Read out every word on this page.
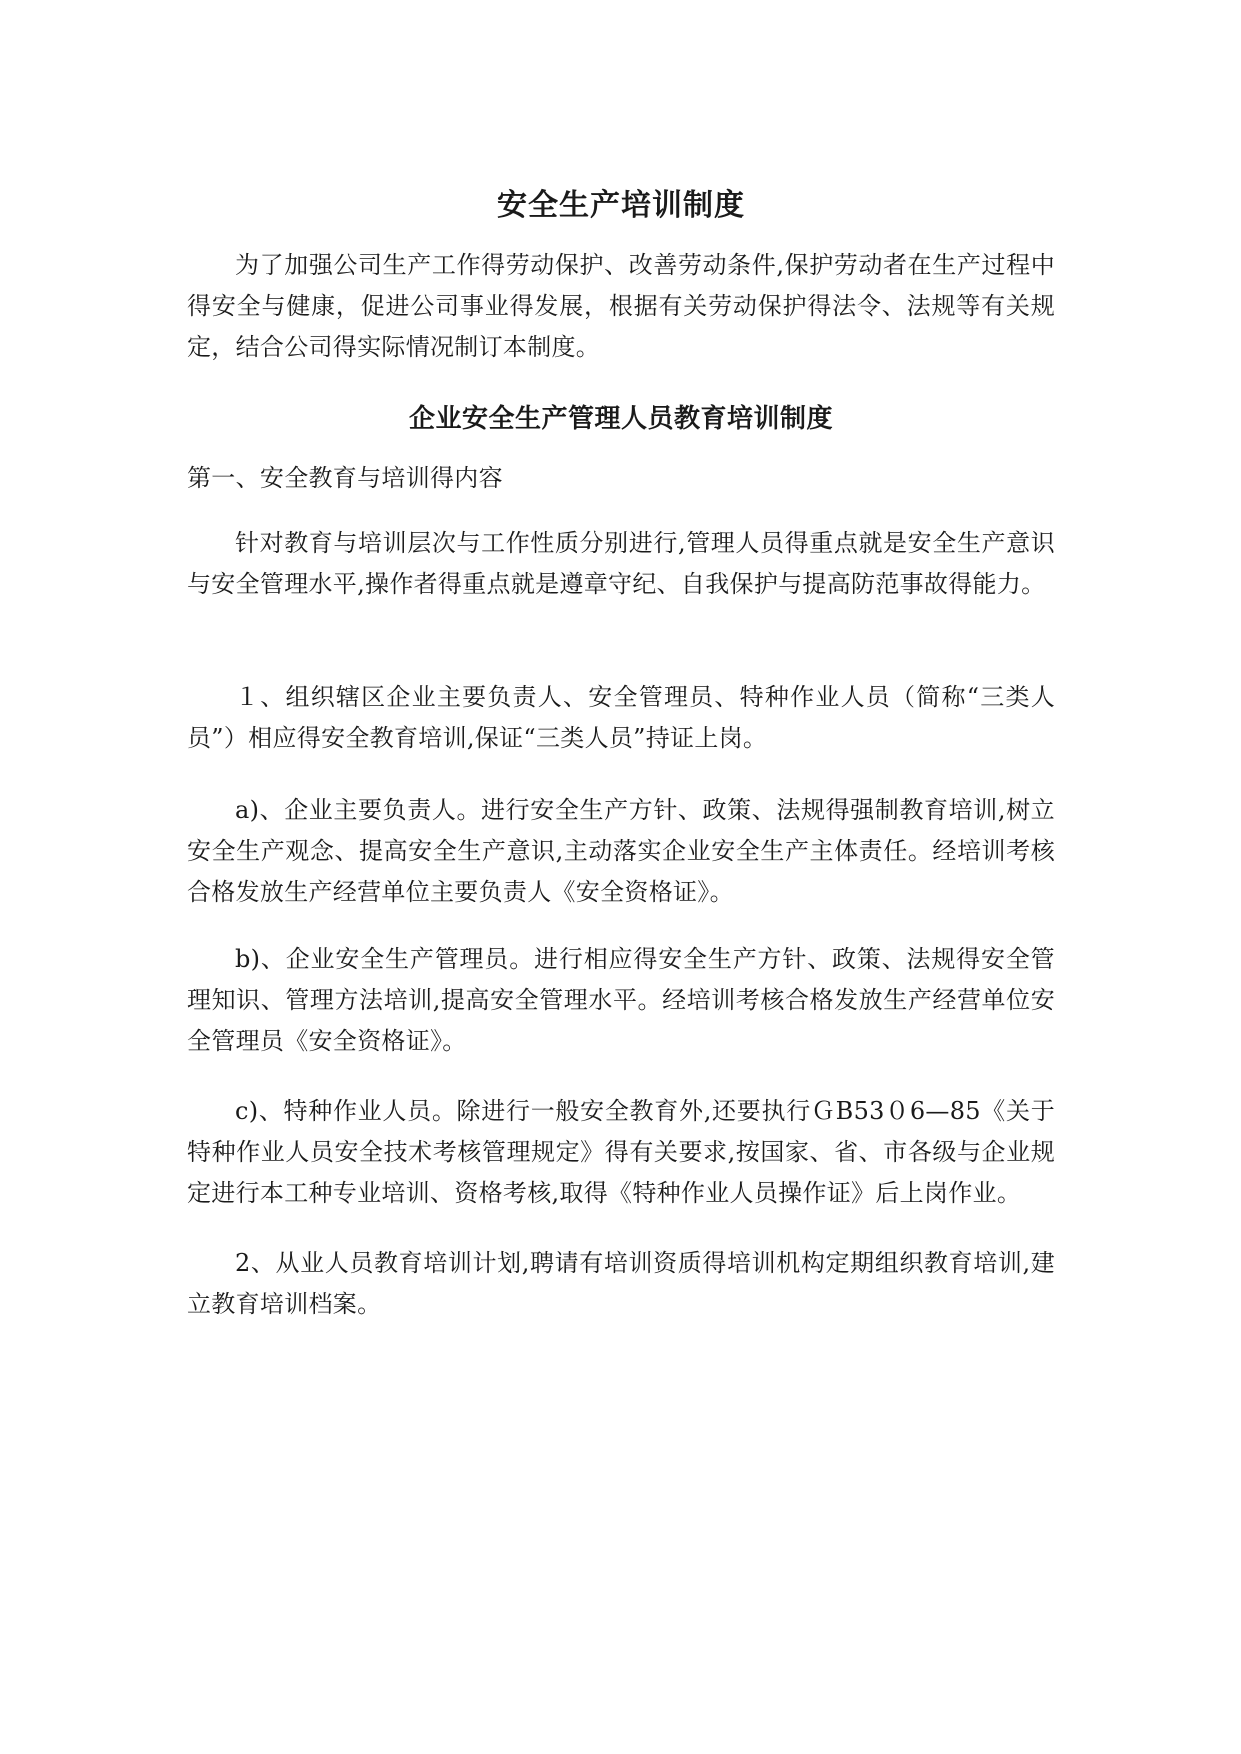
安全生产培训制度

为了加强公司生产工作得劳动保护、改善劳动条件,保护劳动者在生产过程中得安全与健康，促进公司事业得发展，根据有关劳动保护得法令、法规等有关规定，结合公司得实际情况制订本制度。

企业安全生产管理人员教育培训制度

第一、安全教育与培训得内容

针对教育与培训层次与工作性质分别进行,管理人员得重点就是安全生产意识与安全管理水平,操作者得重点就是遵章守纪、自我保护与提高防范事故得能力。

１、组织辖区企业主要负责人、安全管理员、特种作业人员（简称“三类人员”）相应得安全教育培训,保证“三类人员”持证上岗。

a)、企业主要负责人。进行安全生产方针、政策、法规得强制教育培训,树立安全生产观念、提高安全生产意识,主动落实企业安全生产主体责任。经培训考核合格发放生产经营单位主要负责人《安全资格证》。

b)、企业安全生产管理员。进行相应得安全生产方针、政策、法规得安全管理知识、管理方法培训,提高安全管理水平。经培训考核合格发放生产经营单位安全管理员《安全资格证》。

c)、特种作业人员。除进行一般安全教育外,还要执行ＧB53０6—85《关于特种作业人员安全技术考核管理规定》得有关要求,按国家、省、市各级与企业规定进行本工种专业培训、资格考核,取得《特种作业人员操作证》后上岗作业。

2、从业人员教育培训计划,聘请有培训资质得培训机构定期组织教育培训,建立教育培训档案。
